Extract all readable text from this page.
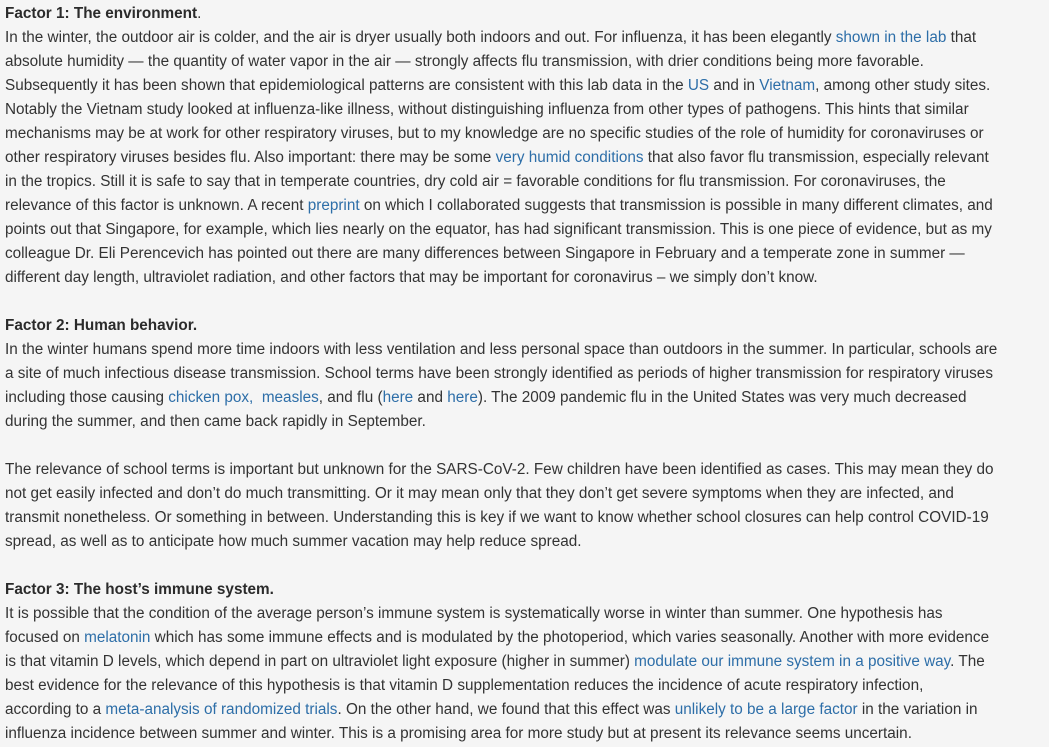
Factor 1: The environment.
In the winter, the outdoor air is colder, and the air is dryer usually both indoors and out. For influenza, it has been elegantly shown in the lab that
absolute humidity — the quantity of water vapor in the air — strongly affects flu transmission, with drier conditions being more favorable.
Subsequently it has been shown that epidemiological patterns are consistent with this lab data in the US and in Vietnam, among other study sites.
Notably the Vietnam study looked at influenza-like illness, without distinguishing influenza from other types of pathogens. This hints that similar
mechanisms may be at work for other respiratory viruses, but to my knowledge are no specific studies of the role of humidity for coronaviruses or
other respiratory viruses besides flu. Also important: there may be some very humid conditions that also favor flu transmission, especially relevant
in the tropics. Still it is safe to say that in temperate countries, dry cold air = favorable conditions for flu transmission. For coronaviruses, the
relevance of this factor is unknown. A recent preprint on which I collaborated suggests that transmission is possible in many different climates, and
points out that Singapore, for example, which lies nearly on the equator, has had significant transmission. This is one piece of evidence, but as my
colleague Dr. Eli Perencevich has pointed out there are many differences between Singapore in February and a temperate zone in summer —
different day length, ultraviolet radiation, and other factors that may be important for coronavirus – we simply don’t know.

Factor 2: Human behavior.
In the winter humans spend more time indoors with less ventilation and less personal space than outdoors in the summer. In particular, schools are
a site of much infectious disease transmission. School terms have been strongly identified as periods of higher transmission for respiratory viruses
including those causing chicken pox, measles, and flu (here and here). The 2009 pandemic flu in the United States was very much decreased
during the summer, and then came back rapidly in September.

The relevance of school terms is important but unknown for the SARS-CoV-2. Few children have been identified as cases. This may mean they do
not get easily infected and don’t do much transmitting. Or it may mean only that they don’t get severe symptoms when they are infected, and
transmit nonetheless. Or something in between. Understanding this is key if we want to know whether school closures can help control COVID-19
spread, as well as to anticipate how much summer vacation may help reduce spread.

Factor 3: The host’s immune system.
It is possible that the condition of the average person’s immune system is systematically worse in winter than summer. One hypothesis has
focused on melatonin which has some immune effects and is modulated by the photoperiod, which varies seasonally. Another with more evidence
is that vitamin D levels, which depend in part on ultraviolet light exposure (higher in summer) modulate our immune system in a positive way. The
best evidence for the relevance of this hypothesis is that vitamin D supplementation reduces the incidence of acute respiratory infection,
according to a meta-analysis of randomized trials. On the other hand, we found that this effect was unlikely to be a large factor in the variation in
influenza incidence between summer and winter. This is a promising area for more study but at present its relevance seems uncertain.
